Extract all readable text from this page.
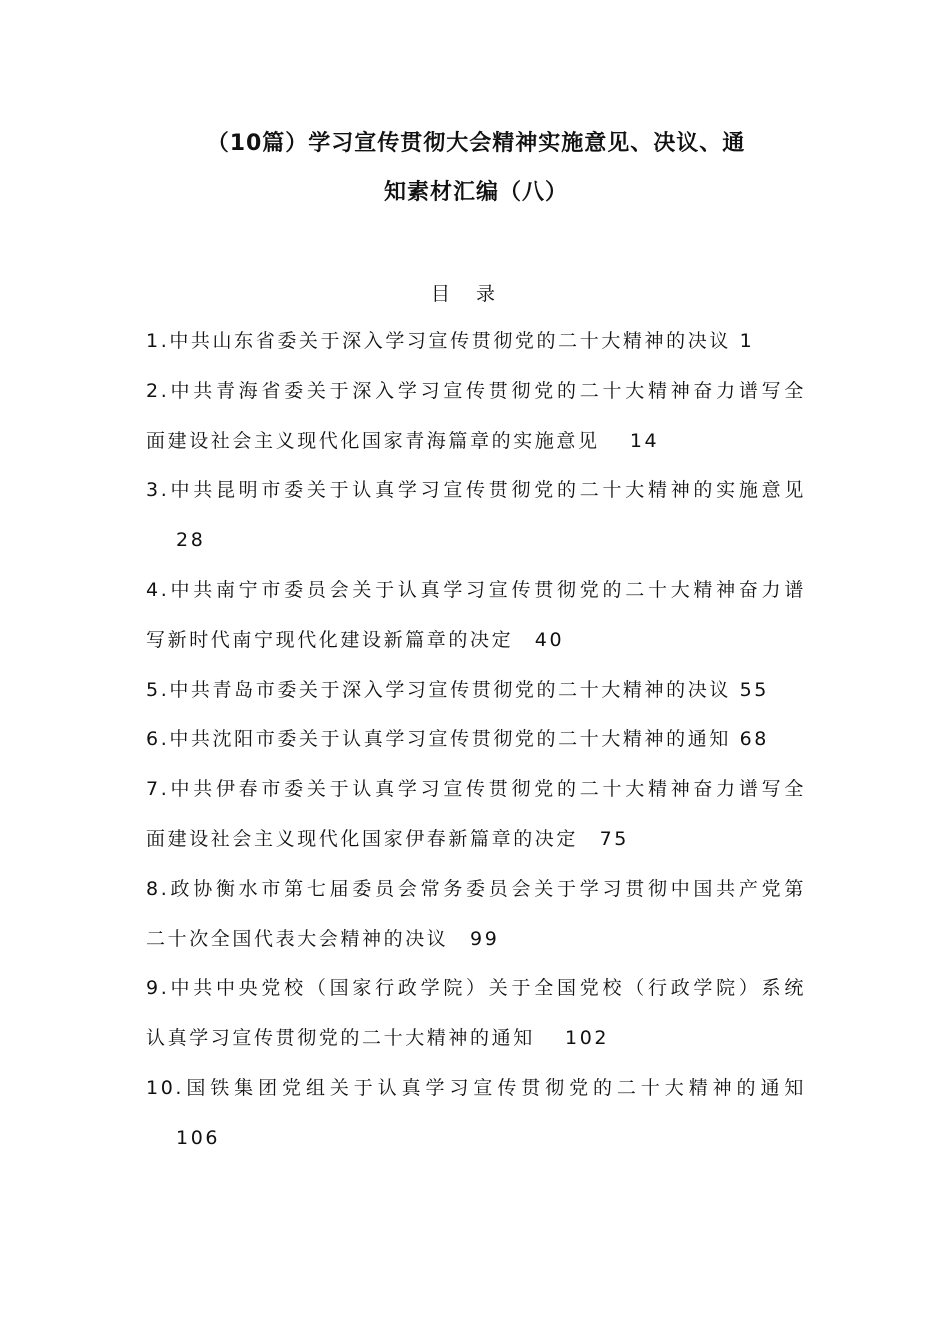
（10篇）学习宣传贯彻大会精神实施意见、决议、通
知素材汇编（八）
目录
1.中共山东省委关于深入学习宣传贯彻党的二十大精神的决议 1
2.中共青海省委关于深入学习宣传贯彻党的二十大精神奋力谱写全
面建设社会主义现代化国家青海篇章的实施意见　 14
3.中共昆明市委关于认真学习宣传贯彻党的二十大精神的实施意见
28
4.中共南宁市委员会关于认真学习宣传贯彻党的二十大精神奋力谱
写新时代南宁现代化建设新篇章的决定　40
5.中共青岛市委关于深入学习宣传贯彻党的二十大精神的决议 55
6.中共沈阳市委关于认真学习宣传贯彻党的二十大精神的通知 68
7.中共伊春市委关于认真学习宣传贯彻党的二十大精神奋力谱写全
面建设社会主义现代化国家伊春新篇章的决定　75
8.政协衡水市第七届委员会常务委员会关于学习贯彻中国共产党第
二十次全国代表大会精神的决议　99
9.中共中央党校（国家行政学院）关于全国党校（行政学院）系统
认真学习宣传贯彻党的二十大精神的通知　 102
10.国铁集团党组关于认真学习宣传贯彻党的二十大精神的通知
106
